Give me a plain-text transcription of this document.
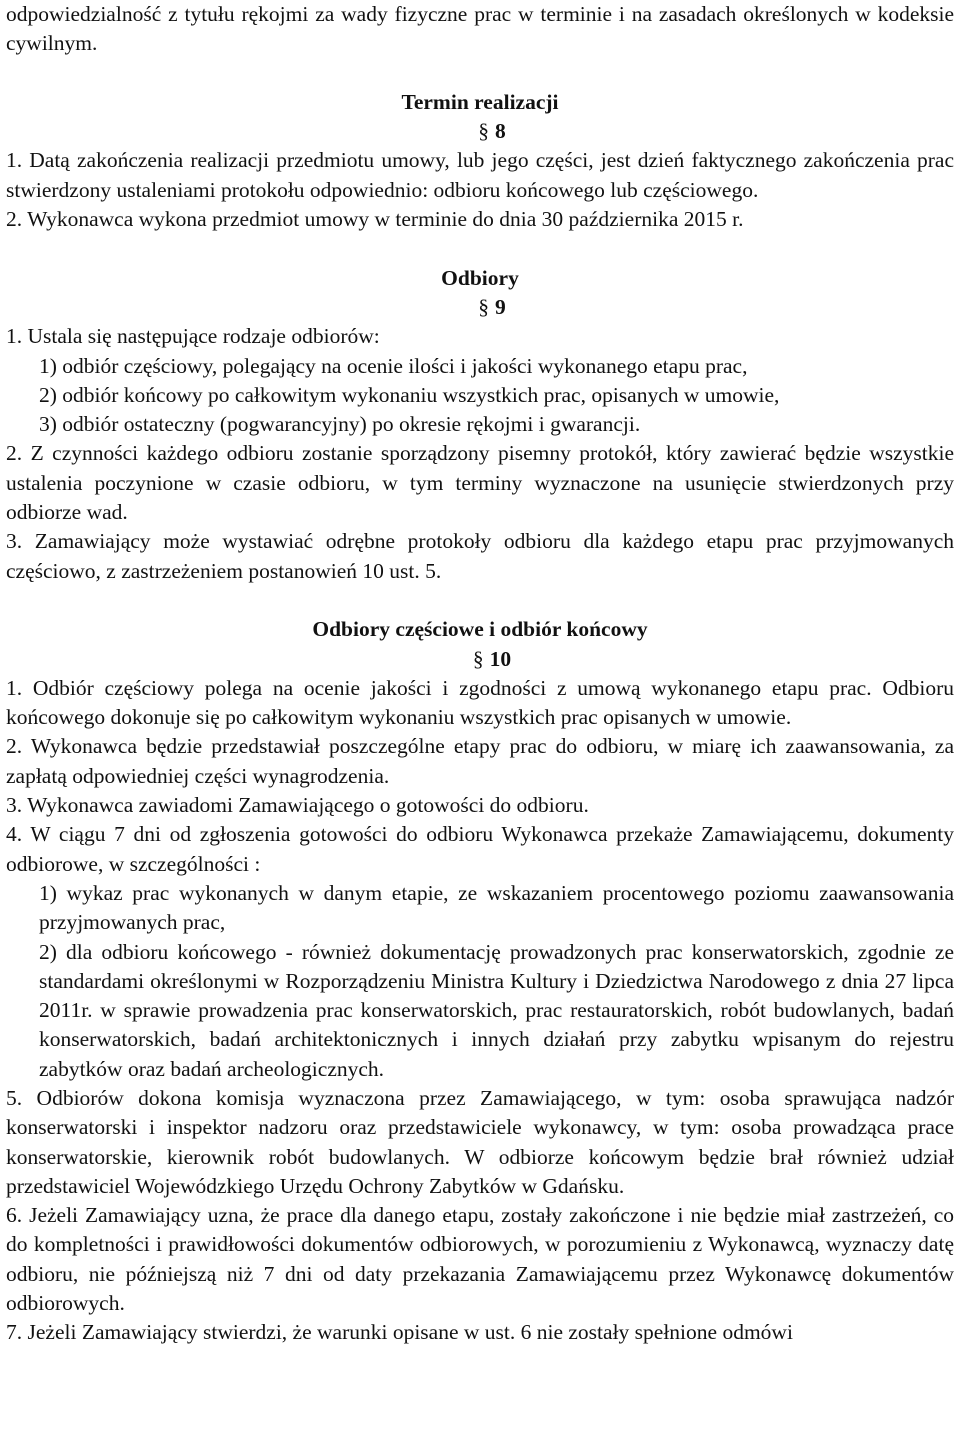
odpowiedzialność z tytułu rękojmi za wady fizyczne prac w terminie i na zasadach określonych w kodeksie cywilnym.

Termin realizacji

§ 8

1. Datą zakończenia realizacji przedmiotu umowy, lub jego części, jest dzień faktycznego zakończenia prac stwierdzony ustaleniami protokołu odpowiednio: odbioru końcowego lub częściowego.

2. Wykonawca wykona przedmiot umowy w terminie do dnia 30 października 2015 r.

Odbiory

§ 9

1. Ustala się następujące rodzaje odbiorów:

1) odbiór częściowy, polegający na ocenie ilości i jakości wykonanego etapu prac,

2) odbiór końcowy po całkowitym wykonaniu wszystkich prac, opisanych w umowie,

3) odbiór ostateczny (pogwarancyjny) po okresie rękojmi i gwarancji.

2. Z czynności każdego odbioru zostanie sporządzony pisemny protokół, który zawierać będzie wszystkie ustalenia poczynione w czasie odbioru, w tym terminy wyznaczone na usunięcie stwierdzonych przy odbiorze wad.

3. Zamawiający może wystawiać odrębne protokoły odbioru dla każdego etapu prac przyjmowanych częściowo, z zastrzeżeniem postanowień 10 ust. 5.

Odbiory częściowe i odbiór końcowy

§ 10

1. Odbiór częściowy polega na ocenie jakości i zgodności z umową wykonanego etapu prac. Odbioru końcowego dokonuje się po całkowitym wykonaniu wszystkich prac opisanych w umowie.

2. Wykonawca będzie przedstawiał poszczególne etapy prac do odbioru, w miarę ich zaawansowania, za zapłatą odpowiedniej części wynagrodzenia.

3. Wykonawca zawiadomi Zamawiającego o gotowości do odbioru.

4. W ciągu 7 dni od zgłoszenia gotowości do odbioru Wykonawca przekaże Zamawiającemu, dokumenty odbiorowe, w szczególności :

1) wykaz prac wykonanych w danym etapie, ze wskazaniem procentowego poziomu zaawansowania przyjmowanych prac,

2) dla odbioru końcowego - również dokumentację prowadzonych prac konserwatorskich, zgodnie ze standardami określonymi w Rozporządzeniu Ministra Kultury i Dziedzictwa Narodowego z dnia 27 lipca 2011r. w sprawie prowadzenia prac konserwatorskich, prac restauratorskich, robót budowlanych, badań konserwatorskich, badań architektonicznych i innych działań przy zabytku wpisanym do rejestru zabytków oraz badań archeologicznych.

5. Odbiorów dokona komisja wyznaczona przez Zamawiającego, w tym: osoba sprawująca nadzór konserwatorski i inspektor nadzoru oraz przedstawiciele wykonawcy, w tym: osoba prowadząca prace konserwatorskie, kierownik robót budowlanych. W odbiorze końcowym będzie brał również udział przedstawiciel Wojewódzkiego Urzędu Ochrony Zabytków w Gdańsku.

6. Jeżeli Zamawiający uzna, że prace dla danego etapu, zostały zakończone i nie będzie miał zastrzeżeń, co do kompletności i prawidłowości dokumentów odbiorowych, w porozumieniu z Wykonawcą, wyznaczy datę odbioru, nie późniejszą niż 7 dni od daty przekazania Zamawiającemu przez Wykonawcę dokumentów odbiorowych.

7. Jeżeli Zamawiający stwierdzi, że warunki opisane w ust. 6 nie zostały spełnione odmówi
